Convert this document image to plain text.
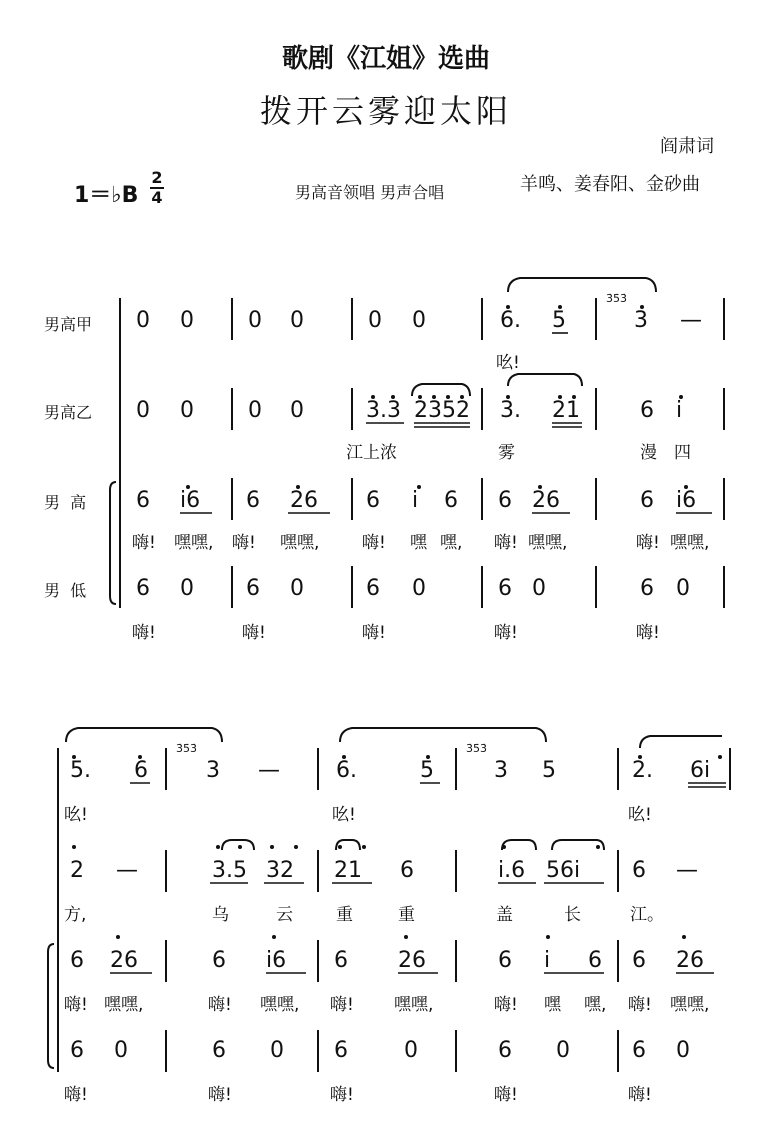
歌剧《江姐》选曲
拨开云雾迎太阳
阎肃词
羊鸣、姜春阳、金砂曲
1＝♭B
2
4	男高音领唱 男声合唱
男高甲
男高乙
男  高
男  低
0 0 0 0	0 0	6. 5
3̇5̇3̇
3 —
吆!
0 0 0 0	3.3 2352 3. 21	6 i
江上浓	雾	漫 四
6 i6 6 26 6 i 6 6 26	6 i6
嗨! 嘿嘿, 嗨! 嘿嘿,	嗨! 嘿 嘿, 嗨! 嘿嘿,	嗨! 嘿嘿,
6 0 6 0	6 0	6 0	6 0
嗨!	嗨!	嗨!	嗨!	嗨!
5. 6
3̇5̇3̇
3 —	6.	5
3̇5̇3̇
3 5	2. 6i
吆!	吆!	吆!
2 —	3.5 32 21 6	i.6 56i 6 —
方,	乌	云	重	重	盖	长	江。
6 26	6 i6 6 26	6 i 6 6 26
嗨! 嘿嘿,	嗨! 嘿嘿, 嗨! 嘿嘿,	嗨! 嘿 嘿, 嗨! 嘿嘿,
6 0	6 0 6	0	6 0	6 0
嗨!	嗨!	嗨!	嗨!	嗨!
